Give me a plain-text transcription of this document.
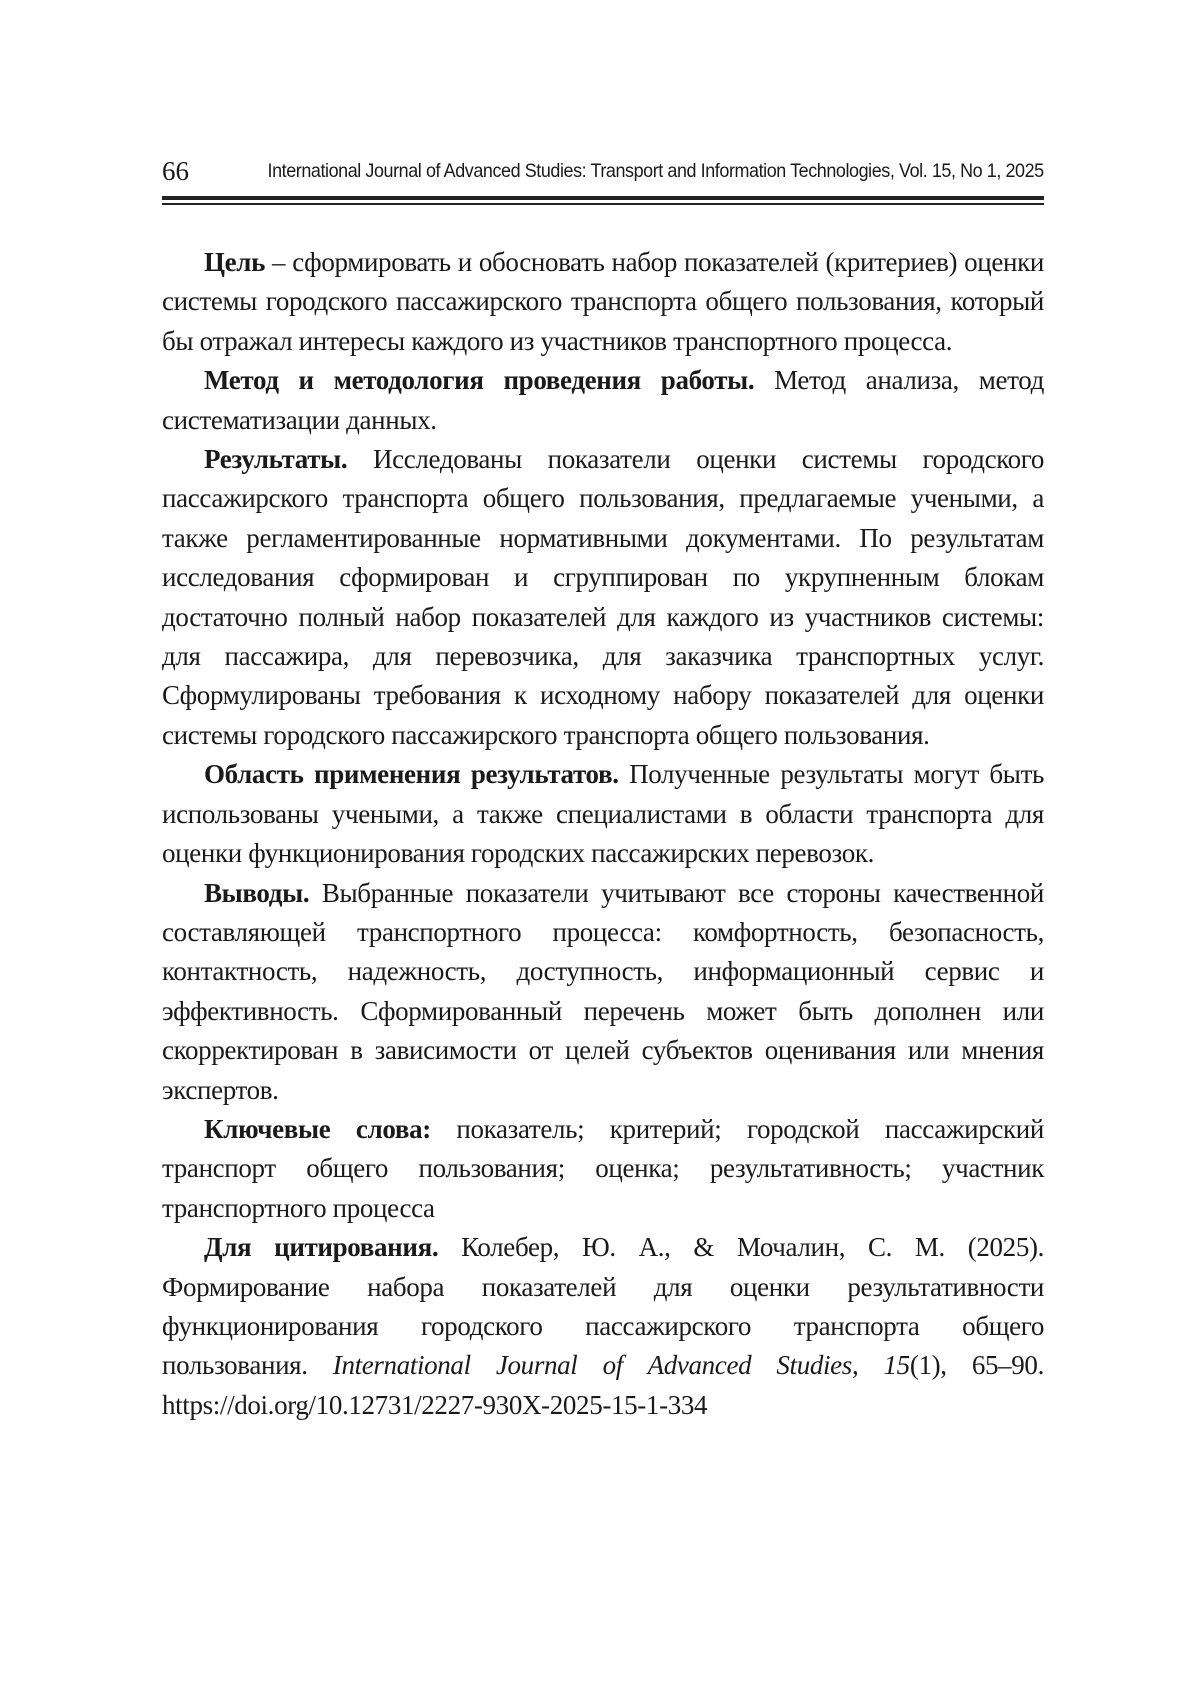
66	International Journal of Advanced Studies: Transport and Information Technologies, Vol. 15, No 1, 2025

Цель – сформировать и обосновать набор показателей (критериев) оценки системы городского пассажирского транспорта общего пользования, который бы отражал интересы каждого из участников транспортного процесса.

Метод и методология проведения работы. Метод анализа, метод систематизации данных.

Результаты. Исследованы показатели оценки системы городского пассажирского транспорта общего пользования, предлагаемые учеными, а также регламентированные нормативными документами. По результатам исследования сформирован и сгруппирован по укрупненным блокам достаточно полный набор показателей для каждого из участников системы: для пассажира, для перевозчика, для заказчика транспортных услуг. Сформулированы требования к исходному набору показателей для оценки системы городского пассажирского транспорта общего пользования.

Область применения результатов. Полученные результаты могут быть использованы учеными, а также специалистами в области транспорта для оценки функционирования городских пассажирских перевозок.

Выводы. Выбранные показатели учитывают все стороны качественной составляющей транспортного процесса: комфортность, безопасность, контактность, надежность, доступность, информационный сервис и эффективность. Сформированный перечень может быть дополнен или скорректирован в зависимости от целей субъектов оценивания или мнения экспертов.

Ключевые слова: показатель; критерий; городской пассажирский транспорт общего пользования; оценка; результативность; участник транспортного процесса

Для цитирования. Колебер, Ю. А., & Мочалин, С. М. (2025). Формирование набора показателей для оценки результативности функционирования городского пассажирского транспорта общего пользования. International Journal of Advanced Studies, 15(1), 65–90. https://doi.org/10.12731/2227-930X-2025-15-1-334
